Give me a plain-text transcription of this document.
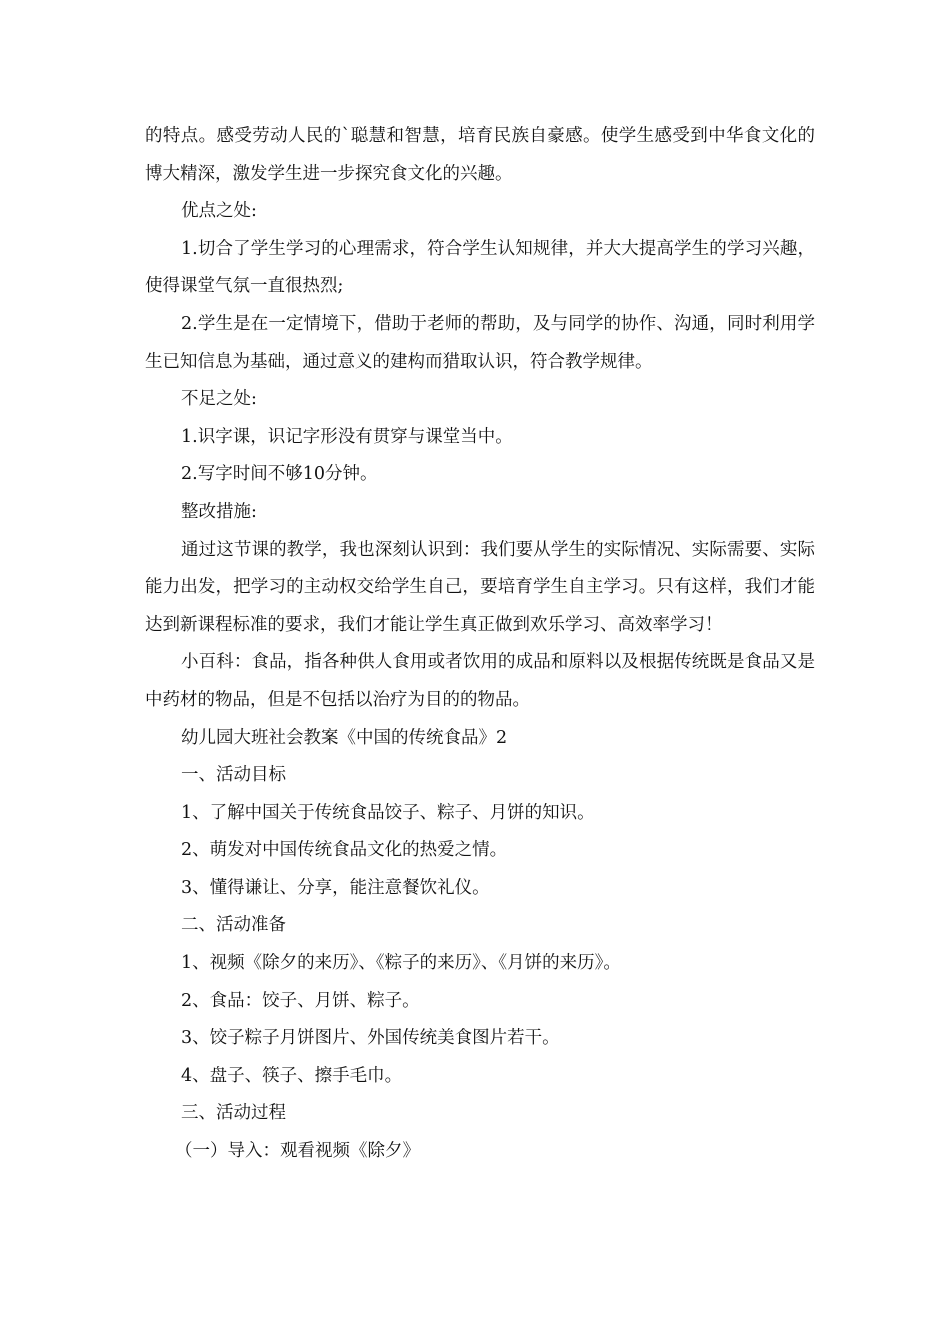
的特点。感受劳动人民的`聪慧和智慧，培育民族自豪感。使学生感受到中华食文化的博大精深，激发学生进一步探究食文化的兴趣。

优点之处:

1.切合了学生学习的心理需求，符合学生认知规律，并大大提高学生的学习兴趣，使得课堂气氛一直很热烈;

2.学生是在一定情境下，借助于老师的帮助，及与同学的协作、沟通，同时利用学生已知信息为基础，通过意义的建构而猎取认识，符合教学规律。

不足之处:

1.识字课，识记字形没有贯穿与课堂当中。

2.写字时间不够10分钟。

整改措施:

通过这节课的教学，我也深刻认识到：我们要从学生的实际情况、实际需要、实际能力出发，把学习的主动权交给学生自己，要培育学生自主学习。只有这样，我们才能达到新课程标准的要求，我们才能让学生真正做到欢乐学习、高效率学习！

小百科：食品，指各种供人食用或者饮用的成品和原料以及根据传统既是食品又是中药材的物品，但是不包括以治疗为目的的物品。

幼儿园大班社会教案《中国的传统食品》2

一、活动目标

1、了解中国关于传统食品饺子、粽子、月饼的知识。

2、萌发对中国传统食品文化的热爱之情。

3、懂得谦让、分享，能注意餐饮礼仪。

二、活动准备

1、视频《除夕的来历》、《粽子的来历》、《月饼的来历》。

2、食品：饺子、月饼、粽子。

3、饺子粽子月饼图片、外国传统美食图片若干。

4、盘子、筷子、擦手毛巾。

三、活动过程

（一）导入：观看视频《除夕》
